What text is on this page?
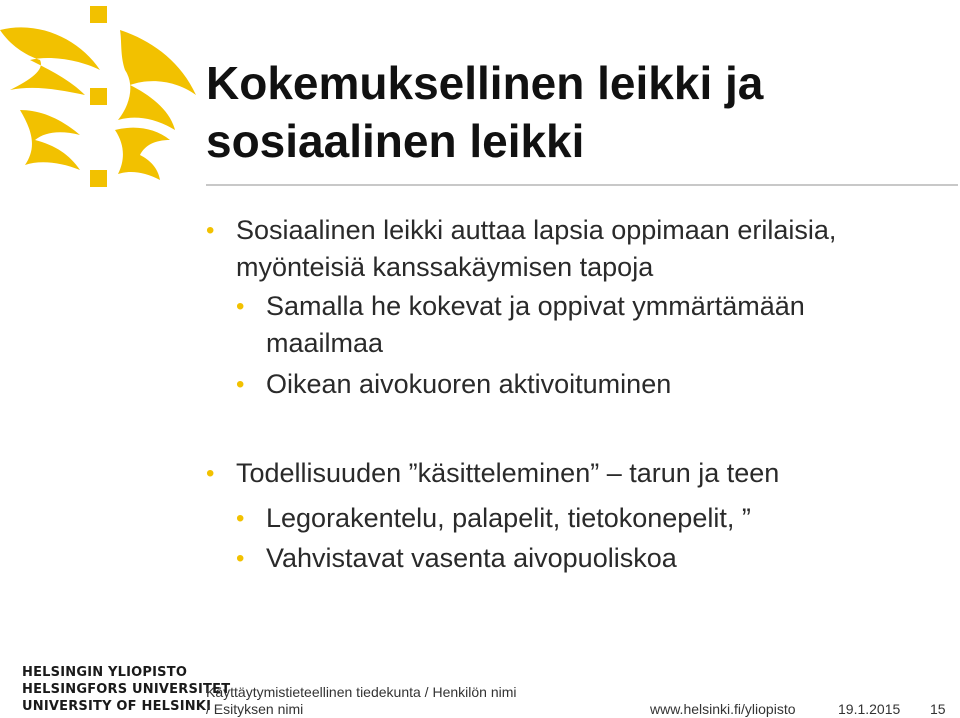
Kokemuksellinen leikki ja
sosiaalinen leikki
• Sosiaalinen leikki auttaa lapsia oppimaan erilaisia, myönteisiä kanssakäymisen tapoja
• Samalla he kokevat ja oppivat ymmärtämään maailmaa
• Oikean aivokuoren aktivoituminen
• Todellisuuden ”käsitteleminen” – tarun ja teen
• Legorakentelu, palapelit, tietokonepelit, ”
• Vahvistavat vasenta aivopuoliskoa
HELSINGIN YLIOPISTO
HELSINGFORS UNIVERSITET
UNIVERSITY OF HELSINKI
Käyttäytymistieteellinen tiedekunta / Henkilön nimi
/ Esityksen nimi	www.helsinki.fi/yliopisto	19.1.2015 15
